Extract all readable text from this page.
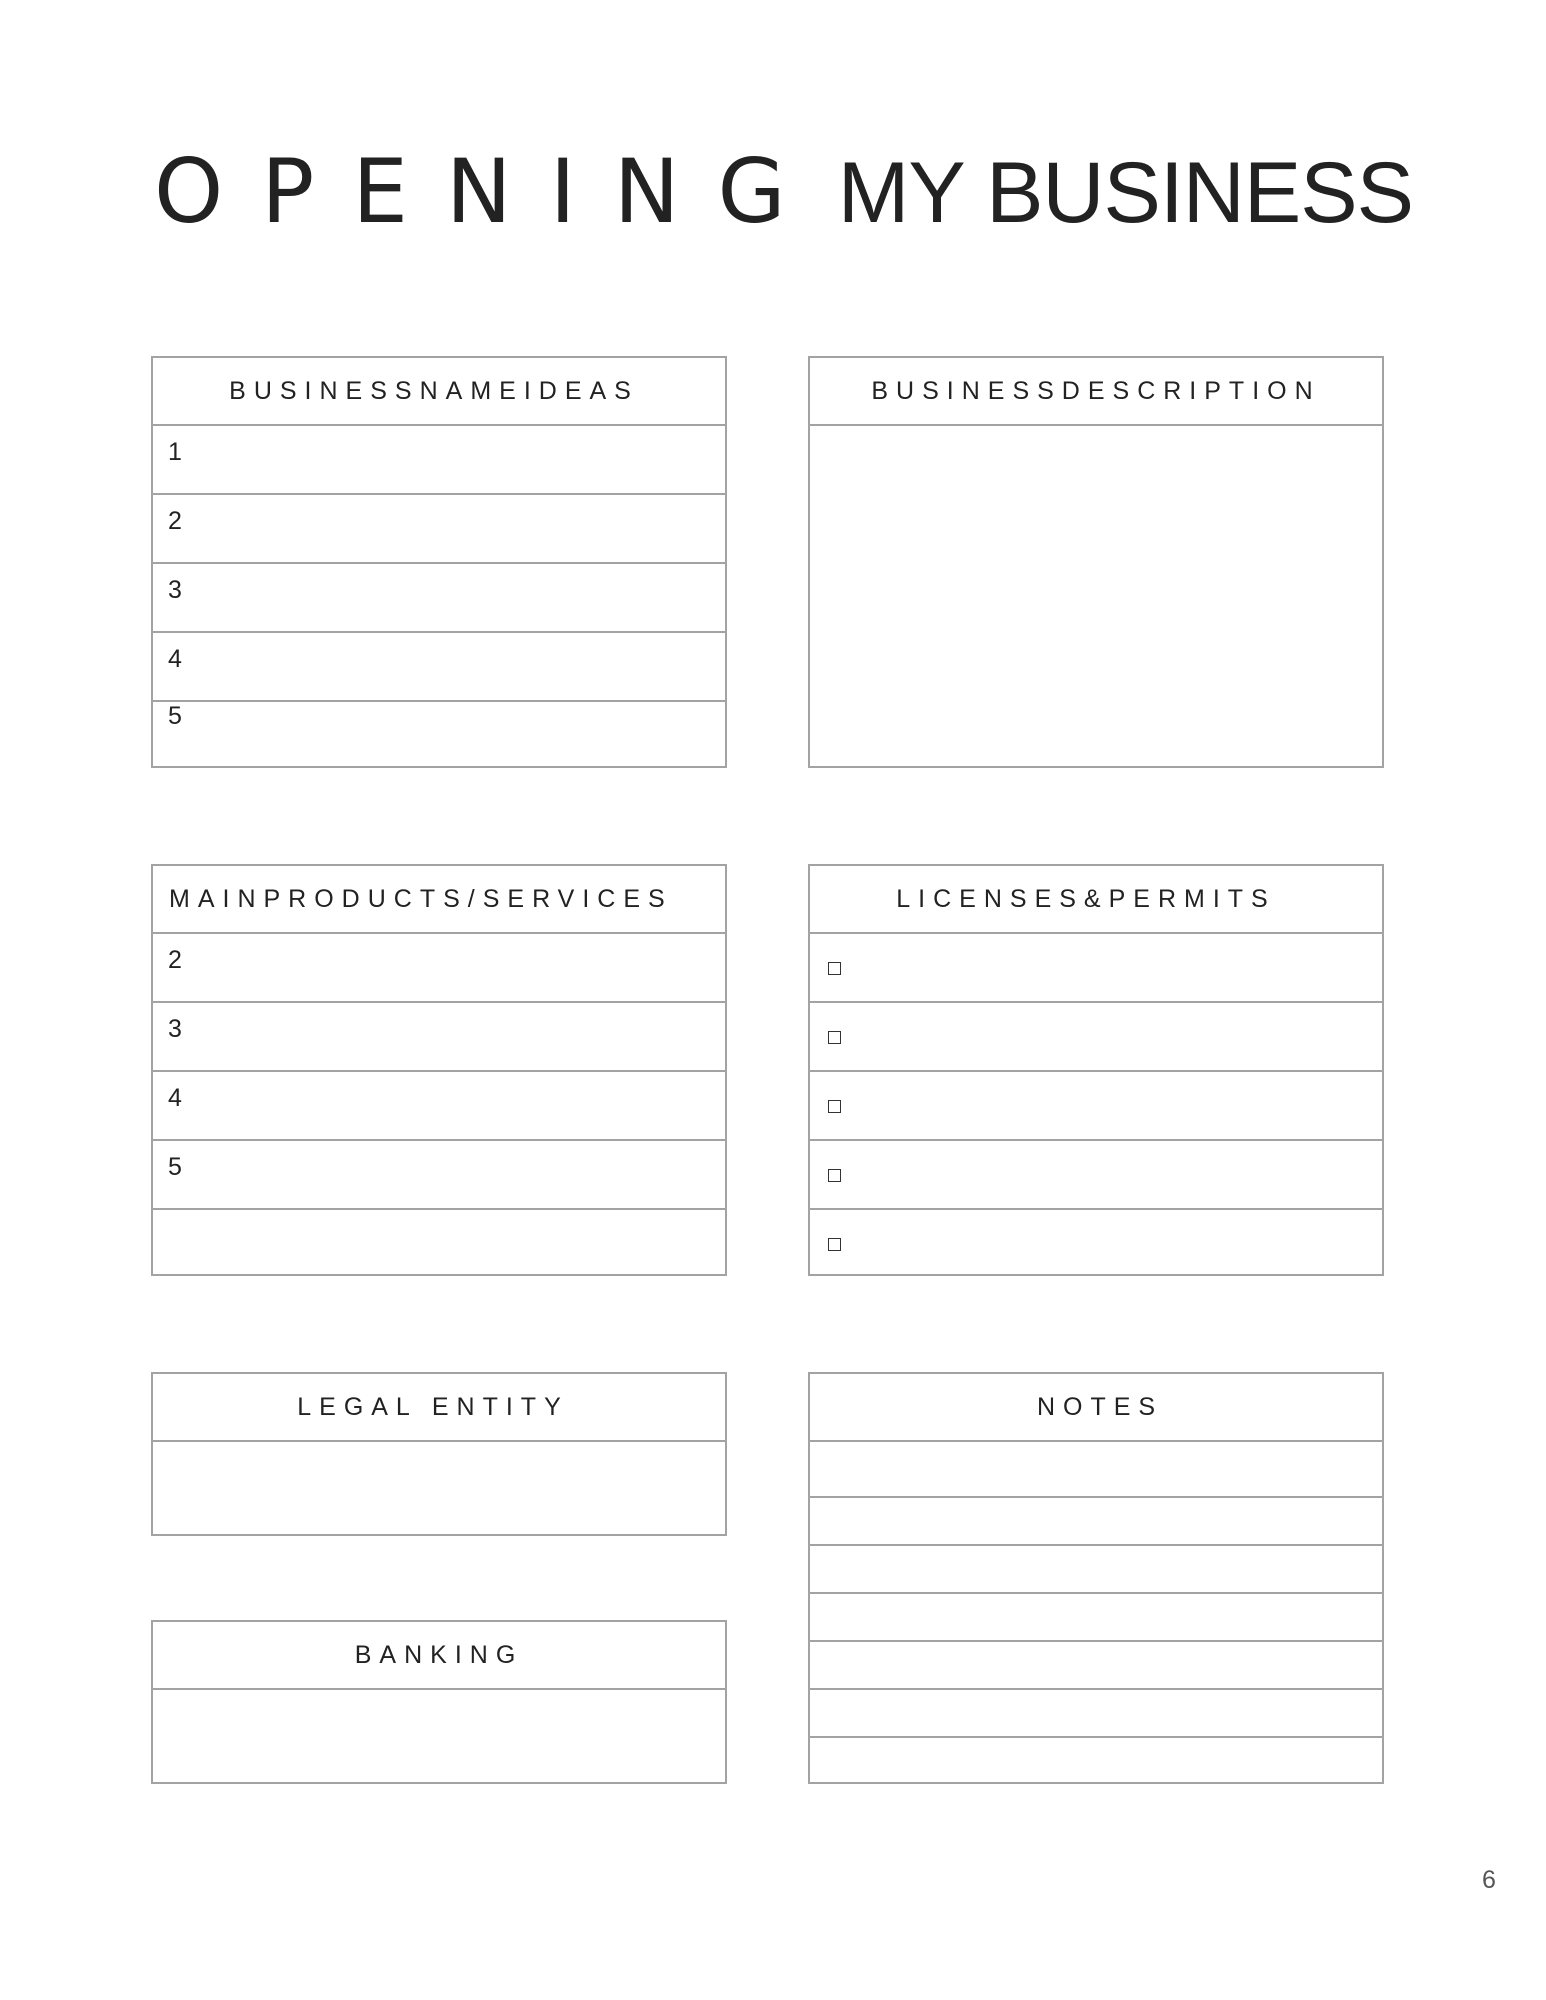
OPENING MY BUSINESS
BUSINESSNAMEIDEAS
1
2
3
4
5
BUSINESSDESCRIPTION
MAINPRODUCTS/SERVICES
2
3
4
5
LICENSES&PERMITS
LEGAL ENTITY	NOTES
BANKING
6
